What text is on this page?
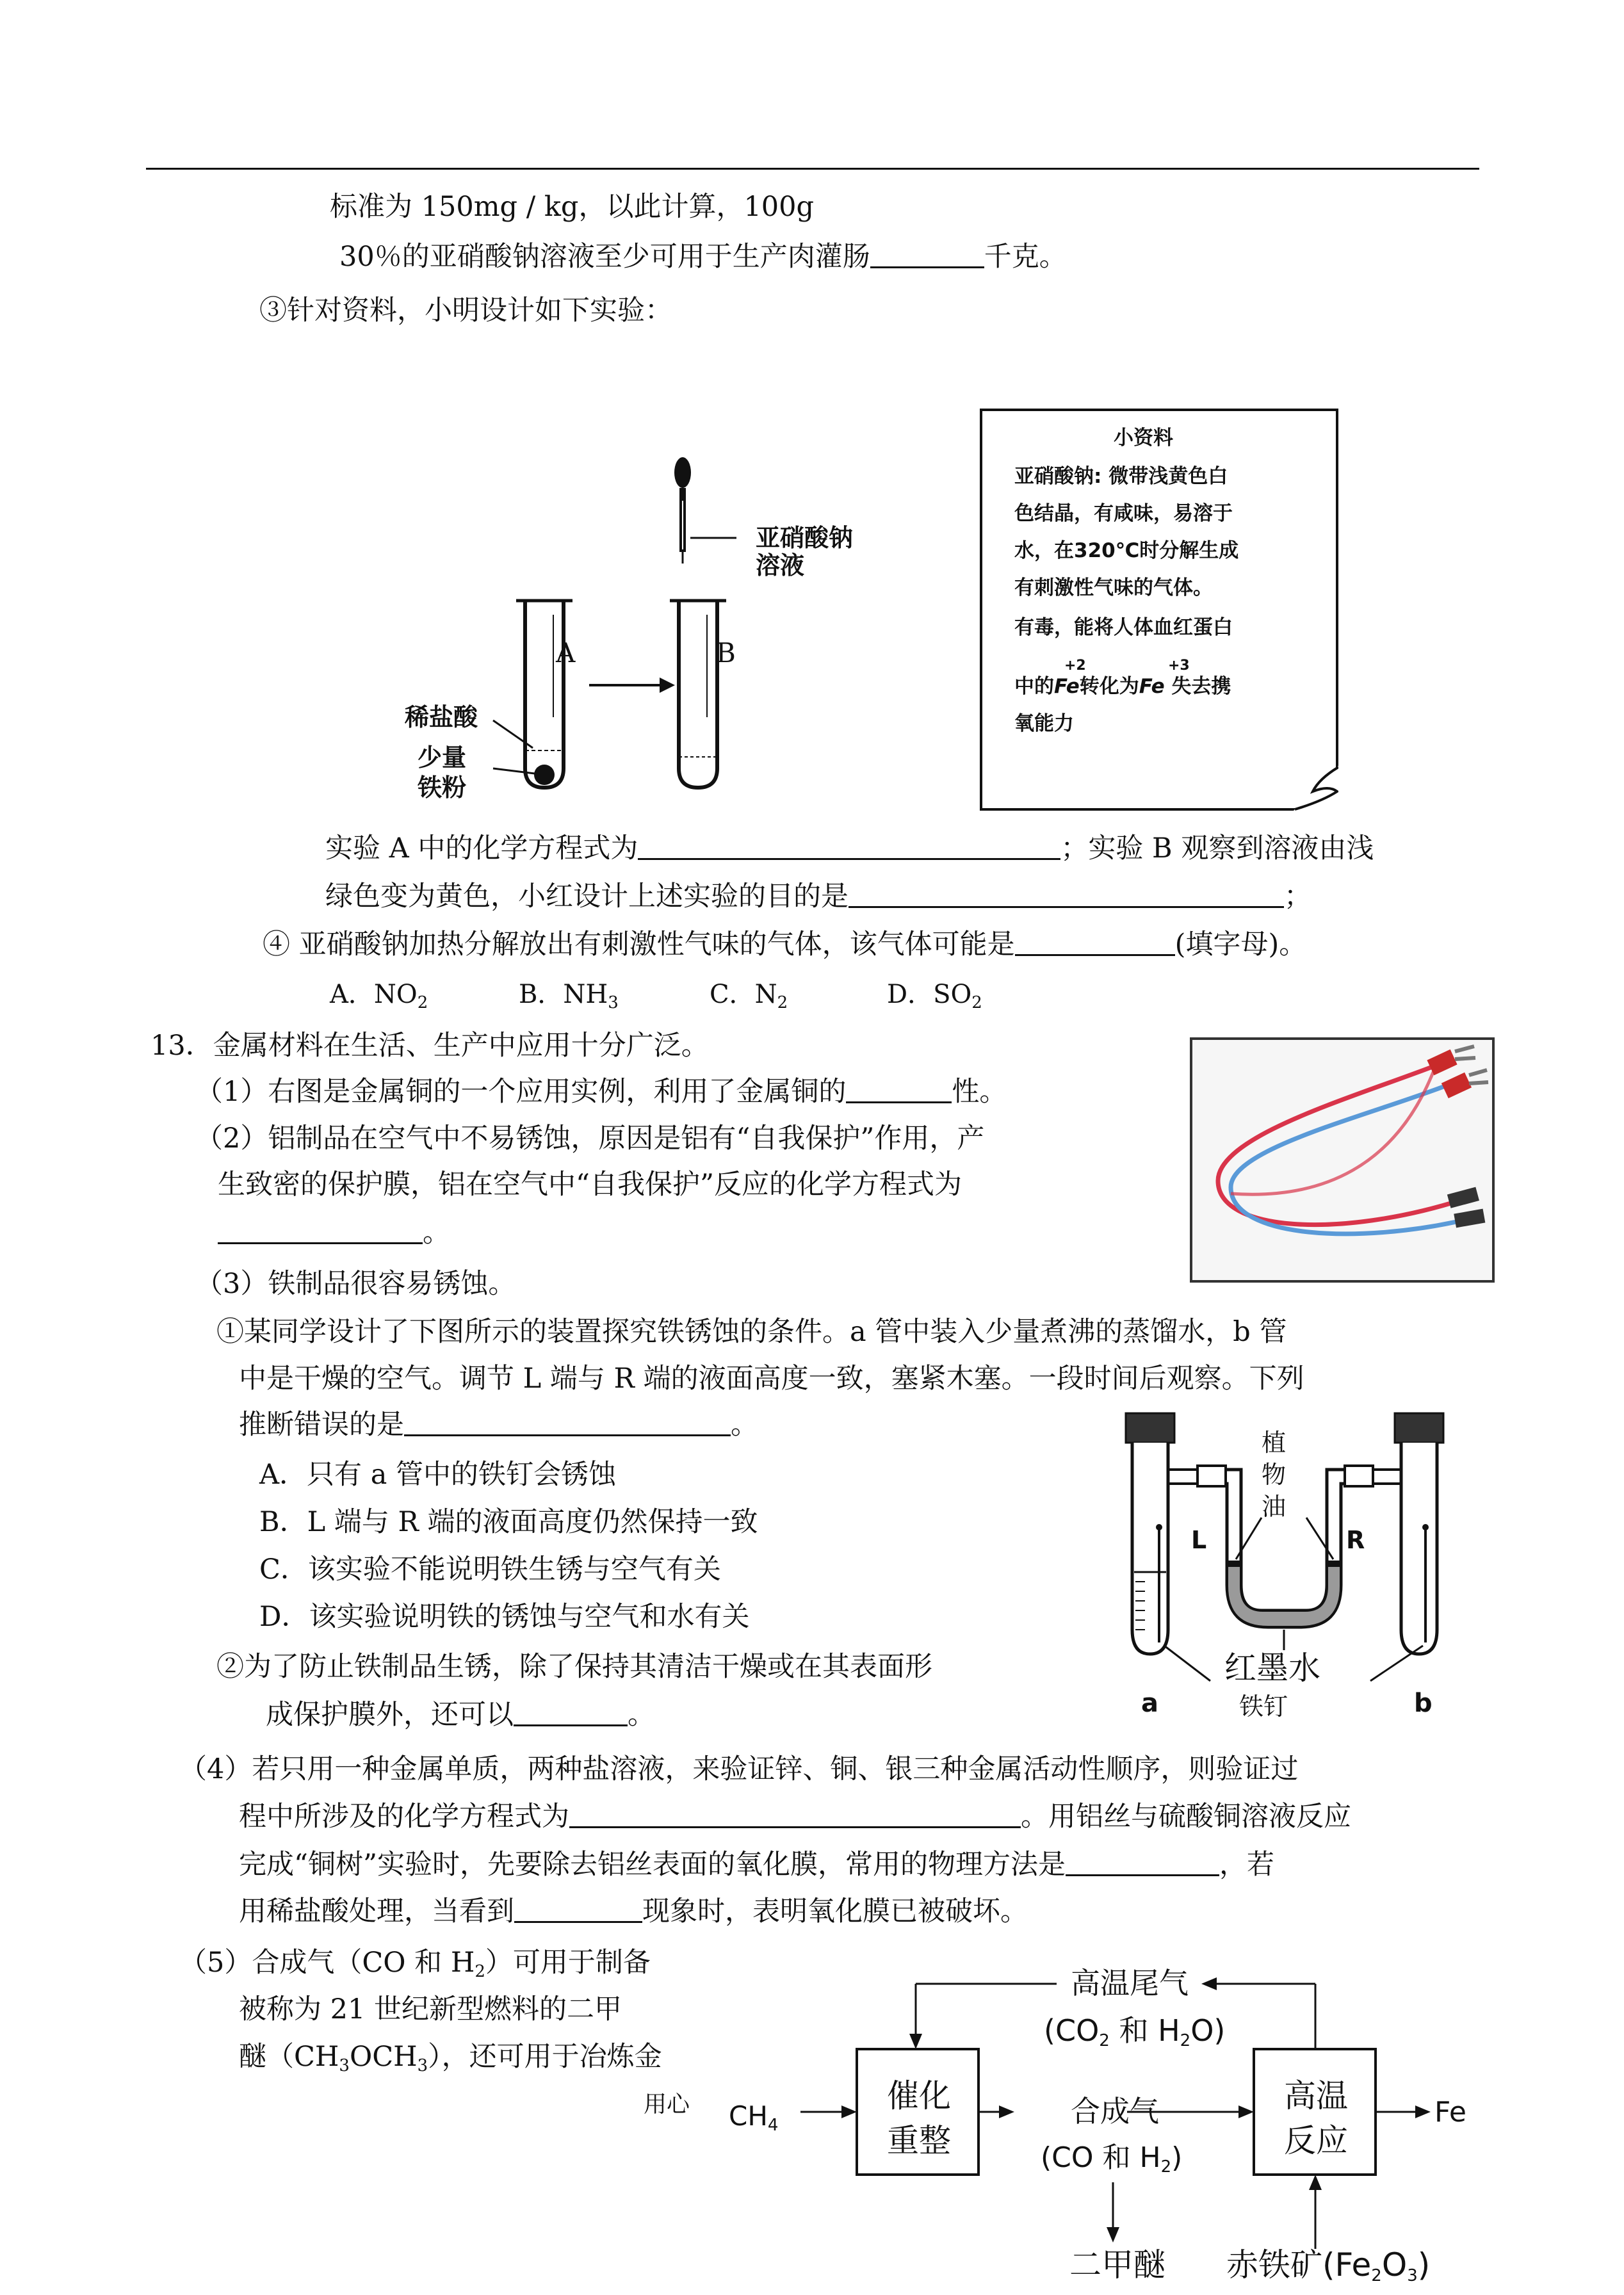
标准为 150mg / kg，以此计算，100g
30％的亚硝酸钠溶液至少可用于生产肉灌肠	千克。
③针对资料，小明设计如下实验：
亚硝酸钠
溶液
A	B
稀盐酸
少量
铁粉
小资料
亚硝酸钠: 微带浅黄色白
色结晶，有咸味，易溶于
水，在320℃时分解生成
有刺激性气味的气体。
有毒，能将人体血红蛋白
+2	+3
中的Fe转化为Fe 失去携
氧能力
实验 A 中的化学方程式为	；实验 B 观察到溶液由浅
绿色变为黄色，小红设计上述实验的目的是	；
④ 亚硝酸钠加热分解放出有刺激性气味的气体，该气体可能是	(填字母)。
A．$NO_2$	B．$NH_3$	C．$N_2$	D．$SO_2$
13．金属材料在生活、生产中应用十分广泛。
（1）右图是金属铜的一个应用实例，利用了金属铜的	性。
（2）铝制品在空气中不易锈蚀，原因是铝有“自我保护”作用，产
生致密的保护膜，铝在空气中“自我保护”反应的化学方程式为
。
（3）铁制品很容易锈蚀。
①某同学设计了下图所示的装置探究铁锈蚀的条件。a 管中装入少量煮沸的蒸馏水，b 管
中是干燥的空气。调节 L 端与 R 端的液面高度一致，塞紧木塞。一段时间后观察。下列
推断错误的是	。
A．只有 a 管中的铁钉会锈蚀
B．L 端与 R 端的液面高度仍然保持一致
C．该实验不能说明铁生锈与空气有关
D．该实验说明铁的锈蚀与空气和水有关
②为了防止铁制品生锈，除了保持其清洁干燥或在其表面形
成保护膜外，还可以	。
植
物
油
L	R
红墨水
a	铁钉	b
（4）若只用一种金属单质，两种盐溶液，来验证锌、铜、银三种金属活动性顺序，则验证过
程中所涉及的化学方程式为	。用铝丝与硫酸铜溶液反应
完成“铜树”实验时，先要除去铝丝表面的氧化膜，常用的物理方法是	，若
用稀盐酸处理，当看到	现象时，表明氧化膜已被破坏。
（5）合成气（CO 和 $H_2$）可用于制备
被称为 21 世纪新型燃料的二甲
醚$(CH_3OCH_3)$，还可用于冶炼金
用心
高温尾气
($CO_2$ 和 $H_2O$)
催化
重整
$CH_4$	合成气
(CO 和 $H_2$)
高温
反应
Fe
二甲醚 赤铁矿$(Fe_2O_3)$
